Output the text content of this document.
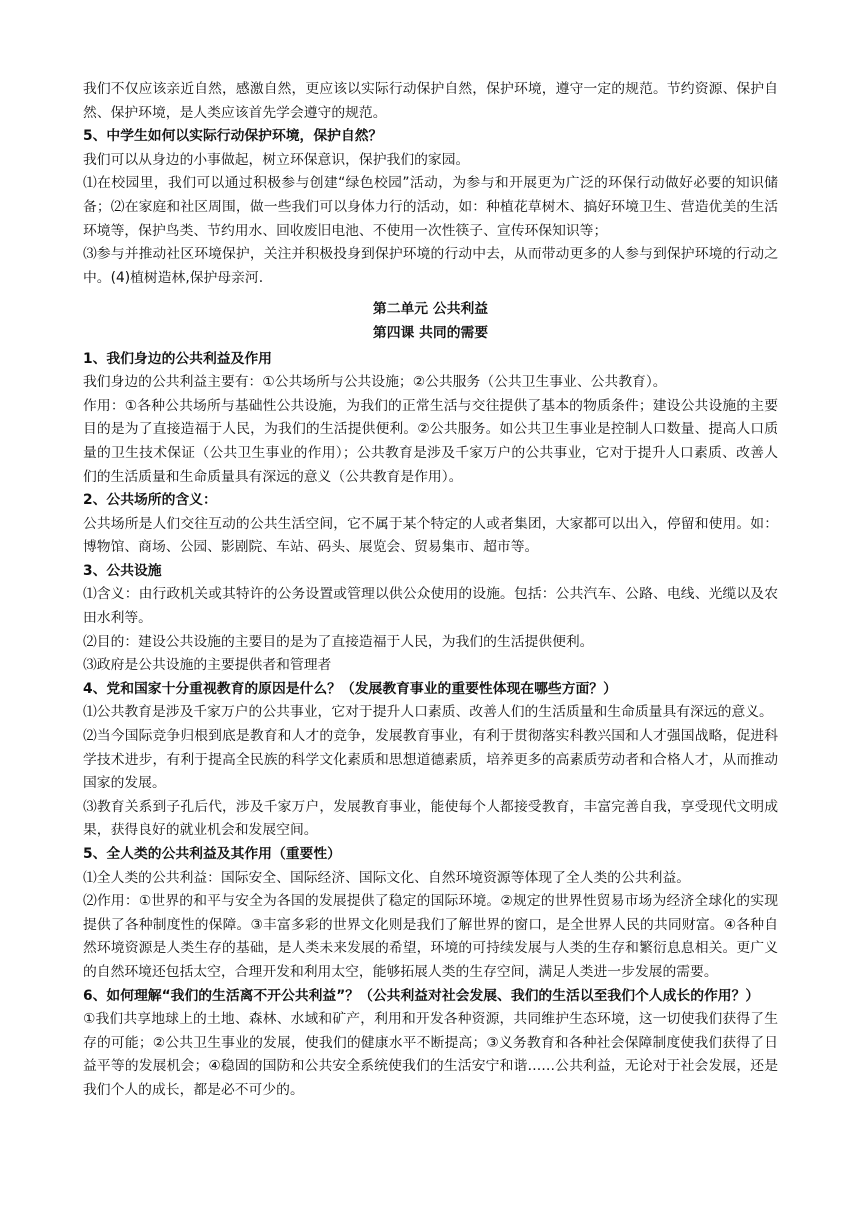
我们不仅应该亲近自然，感激自然，更应该以实际行动保护自然，保护环境，遵守一定的规范。节约资源、保护自然、保护环境，是人类应该首先学会遵守的规范。

5、中学生如何以实际行动保护环境，保护自然？

我们可以从身边的小事做起，树立环保意识，保护我们的家园。

⑴在校园里，我们可以通过积极参与创建“绿色校园”活动，为参与和开展更为广泛的环保行动做好必要的知识储备；⑵在家庭和社区周围，做一些我们可以身体力行的活动，如：种植花草树木、搞好环境卫生、营造优美的生活环境等，保护鸟类、节约用水、回收废旧电池、不使用一次性筷子、宣传环保知识等；

⑶参与并推动社区环境保护，关注并积极投身到保护环境的行动中去，从而带动更多的人参与到保护环境的行动之中。(4)植树造林,保护母亲河.

第二单元 公共利益

第四课 共同的需要

1、我们身边的公共利益及作用

我们身边的公共利益主要有：①公共场所与公共设施；②公共服务（公共卫生事业、公共教育）。

作用：①各种公共场所与基础性公共设施，为我们的正常生活与交往提供了基本的物质条件；建设公共设施的主要目的是为了直接造福于人民，为我们的生活提供便利。②公共服务。如公共卫生事业是控制人口数量、提高人口质量的卫生技术保证（公共卫生事业的作用）；公共教育是涉及千家万户的公共事业，它对于提升人口素质、改善人们的生活质量和生命质量具有深远的意义（公共教育是作用）。

2、公共场所的含义：

公共场所是人们交往互动的公共生活空间，它不属于某个特定的人或者集团，大家都可以出入，停留和使用。如：博物馆、商场、公园、影剧院、车站、码头、展览会、贸易集市、超市等。

3、公共设施

⑴含义：由行政机关或其特许的公务设置或管理以供公众使用的设施。包括：公共汽车、公路、电线、光缆以及农田水利等。

⑵目的：建设公共设施的主要目的是为了直接造福于人民，为我们的生活提供便利。

⑶政府是公共设施的主要提供者和管理者

4、党和国家十分重视教育的原因是什么？（发展教育事业的重要性体现在哪些方面？）

⑴公共教育是涉及千家万户的公共事业，它对于提升人口素质、改善人们的生活质量和生命质量具有深远的意义。

⑵当今国际竞争归根到底是教育和人才的竞争，发展教育事业，有利于贯彻落实科教兴国和人才强国战略，促进科学技术进步，有利于提高全民族的科学文化素质和思想道德素质，培养更多的高素质劳动者和合格人才，从而推动国家的发展。

⑶教育关系到子孔后代，涉及千家万户，发展教育事业，能使每个人都接受教育，丰富完善自我，享受现代文明成果，获得良好的就业机会和发展空间。

5、全人类的公共利益及其作用（重要性）

⑴全人类的公共利益：国际安全、国际经济、国际文化、自然环境资源等体现了全人类的公共利益。

⑵作用：①世界的和平与安全为各国的发展提供了稳定的国际环境。②规定的世界性贸易市场为经济全球化的实现提供了各种制度性的保障。③丰富多彩的世界文化则是我们了解世界的窗口，是全世界人民的共同财富。④各种自然环境资源是人类生存的基础，是人类未来发展的希望，环境的可持续发展与人类的生存和繁衍息息相关。更广义的自然环境还包括太空，合理开发和利用太空，能够拓展人类的生存空间，满足人类进一步发展的需要。

6、如何理解“我们的生活离不开公共利益”？（公共利益对社会发展、我们的生活以至我们个人成长的作用？）

①我们共享地球上的土地、森林、水域和矿产，利用和开发各种资源，共同维护生态环境，这一切使我们获得了生存的可能；②公共卫生事业的发展，使我们的健康水平不断提高；③义务教育和各种社会保障制度使我们获得了日益平等的发展机会；④稳固的国防和公共安全系统使我们的生活安宁和谐……公共利益，无论对于社会发展，还是我们个人的成长，都是必不可少的。
